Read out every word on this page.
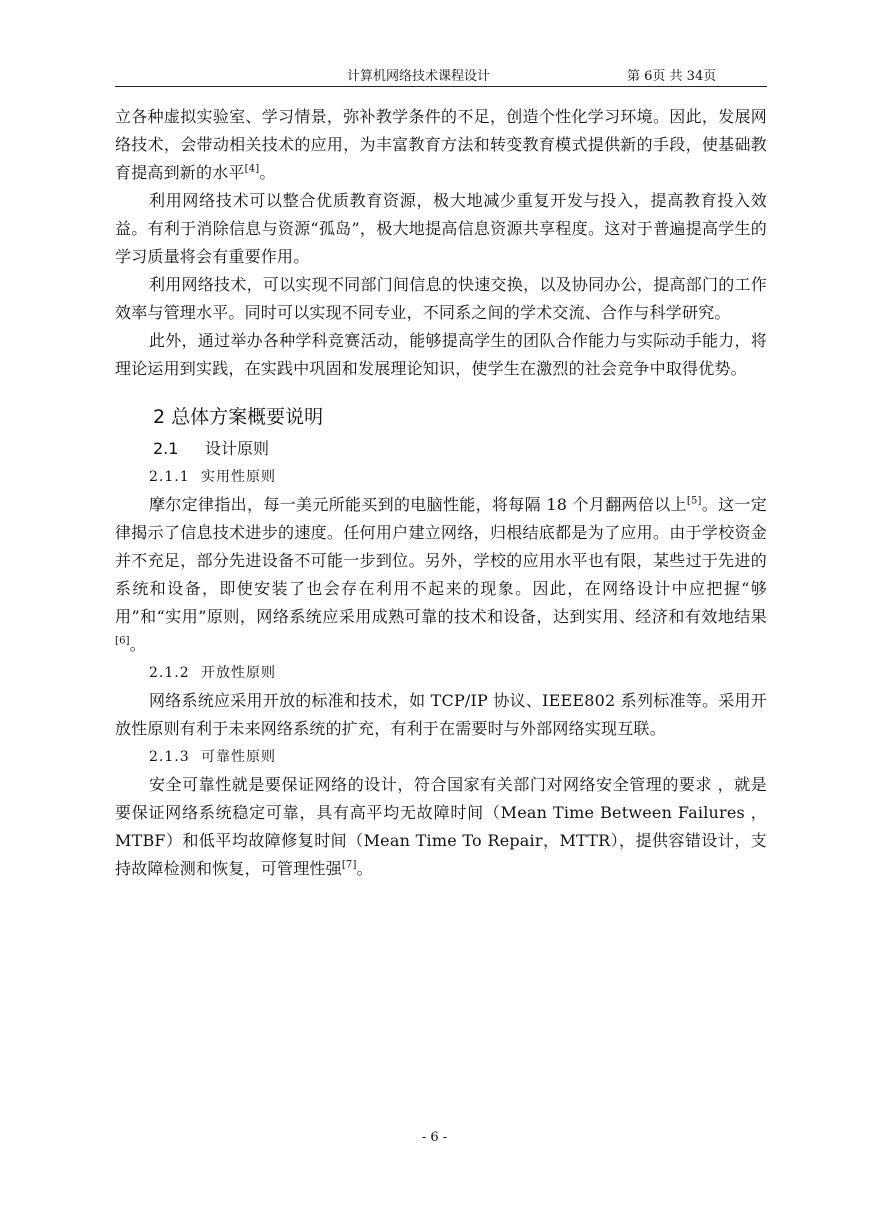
计算机网络技术课程设计	第 6页 共 34页

立各种虚拟实验室、学习情景，弥补教学条件的不足，创造个性化学习环境。因此，发展网络技术，会带动相关技术的应用，为丰富教育方法和转变教育模式提供新的手段，使基础教育提高到新的水平[4]。

利用网络技术可以整合优质教育资源，极大地减少重复开发与投入，提高教育投入效益。有利于消除信息与资源“孤岛”，极大地提高信息资源共享程度。这对于普遍提高学生的学习质量将会有重要作用。

利用网络技术，可以实现不同部门间信息的快速交换，以及协同办公，提高部门的工作效率与管理水平。同时可以实现不同专业，不同系之间的学术交流、合作与科学研究。

此外，通过举办各种学科竞赛活动，能够提高学生的团队合作能力与实际动手能力，将理论运用到实践，在实践中巩固和发展理论知识，使学生在激烈的社会竞争中取得优势。

2 总体方案概要说明
2.1 设计原则
2.1.1 实用性原则

摩尔定律指出，每一美元所能买到的电脑性能，将每隔 18 个月翻两倍以上[5]。这一定律揭示了信息技术进步的速度。任何用户建立网络，归根结底都是为了应用。由于学校资金并不充足，部分先进设备不可能一步到位。另外，学校的应用水平也有限，某些过于先进的系统和设备，即使安装了也会存在利用不起来的现象。因此，在网络设计中应把握“够用”和“实用”原则，网络系统应采用成熟可靠的技术和设备，达到实用、经济和有效地结果[6]。

2.1.2 开放性原则

网络系统应采用开放的标准和技术，如 TCP/IP 协议、IEEE802 系列标准等。采用开放性原则有利于未来网络系统的扩充，有利于在需要时与外部网络实现互联。

2.1.3 可靠性原则

安全可靠性就是要保证网络的设计，符合国家有关部门对网络安全管理的要求 ，就是要保证网络系统稳定可靠，具有高平均无故障时间（Mean Time Between Failures ，MTBF）和低平均故障修复时间（Mean Time To Repair，MTTR），提供容错设计，支持故障检测和恢复，可管理性强[7]。

- 6 -
